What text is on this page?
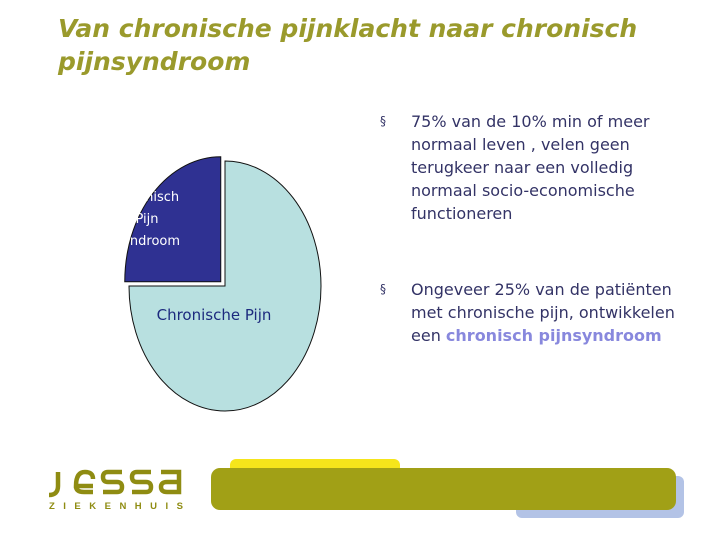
Van chronische pijnklacht naar chronisch
pijnsyndroom
Chronisch
Pijn
Syndroom
Chronische Pijn
§ 75% van de 10% min of meer normaal leven , velen geen terugkeer naar een volledig normaal socio-economische functioneren
§ Ongeveer 25% van de patiënten met chronische pijn, ontwikkelen een chronisch pijnsyndroom
ZIEKENHUIS
